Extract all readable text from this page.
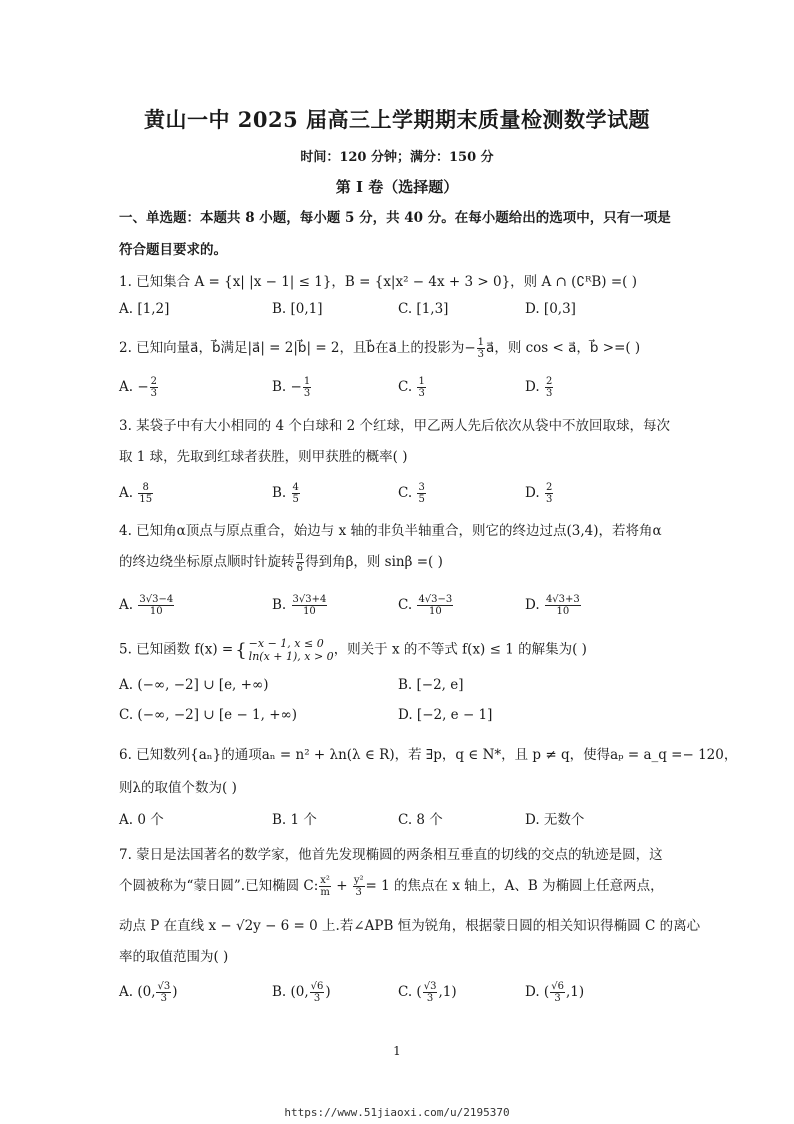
黄山一中 2025 届高三上学期期末质量检测数学试题
时间：120 分钟；满分：150 分
第 I 卷（选择题）
一、单选题：本题共 8 小题，每小题 5 分，共 40 分。在每小题给出的选项中，只有一项是
符合题目要求的。
1. 已知集合 A = {x| |x − 1| ≤ 1}，B = {x|x² − 4x + 3 > 0}，则 A ∩ (∁ᴿB) =( )
A. [1,2]	B. [0,1]	C. [1,3]	D. [0,3]
2. 已知向量a⃗，b⃗满足|a⃗| = 2|b⃗| = 2，且b⃗在a⃗上的投影为− $\frac{1}{3}$ a⃗，则 cos < a⃗，b⃗ >=( )
A. − $\frac{2}{3}$	B. − $\frac{1}{3}$	C. $\frac{1}{3}$	D. $\frac{2}{3}$
3. 某袋子中有大小相同的 4 个白球和 2 个红球，甲乙两人先后依次从袋中不放回取球，每次
取 1 球，先取到红球者获胜，则甲获胜的概率( )
A. $\frac{8}{15}$	B. $\frac{4}{5}$	C. $\frac{3}{5}$	D. $\frac{2}{3}$
4. 已知角α顶点与原点重合，始边与 x 轴的非负半轴重合，则它的终边过点(3,4)，若将角α
的终边绕坐标原点顺时针旋转 $\frac{\pi}{6}$ 得到角β，则 sinβ =( )
A. $\frac{3√3-4}{10}$	B. $\frac{3√3+4}{10}$	C. $\frac{4√3-3}{10}$	D. $\frac{4√3+3}{10}$
5. 已知函数 f(x) = { −x − 1, x ≤ 0
ln(x + 1), x > 0 ，则关于 x 的不等式 f(x) ≤ 1 的解集为( )
A. (−∞, −2] ∪ [e, +∞)	B. [−2, e]
C. (−∞, −2] ∪ [e − 1, +∞)	D. [−2, e − 1]
6. 已知数列{aₙ}的通项aₙ = n² + λn(λ ∈ R)，若 ∃p，q ∈ N*，且 p ≠ q，使得aₚ = a_q =− 120，
则λ的取值个数为( )
A. 0 个	B. 1 个	C. 8 个	D. 无数个
7. 蒙日是法国著名的数学家，他首先发现椭圆的两条相互垂直的切线的交点的轨迹是圆，这
个圆被称为“蒙日圆”.已知椭圆 C: $\frac{\text{x²}}{m} + \frac{\text{y²}}{3} = 1$ 的焦点在 x 轴上，A、B 为椭圆上任意两点，
动点 P 在直线 x − √2y − 6 = 0 上.若∠APB 恒为锐角，根据蒙日圆的相关知识得椭圆 C 的离心
率的取值范围为( )
A. (0, $\frac{√3}{3}$ )	B. (0, $\frac{√6}{3}$ )	C. ( $\frac{√3}{3} ,1$)	D. ( $\frac{√6}{3} ,1$)
1
https://www.51jiaoxi.com/u/2195370
